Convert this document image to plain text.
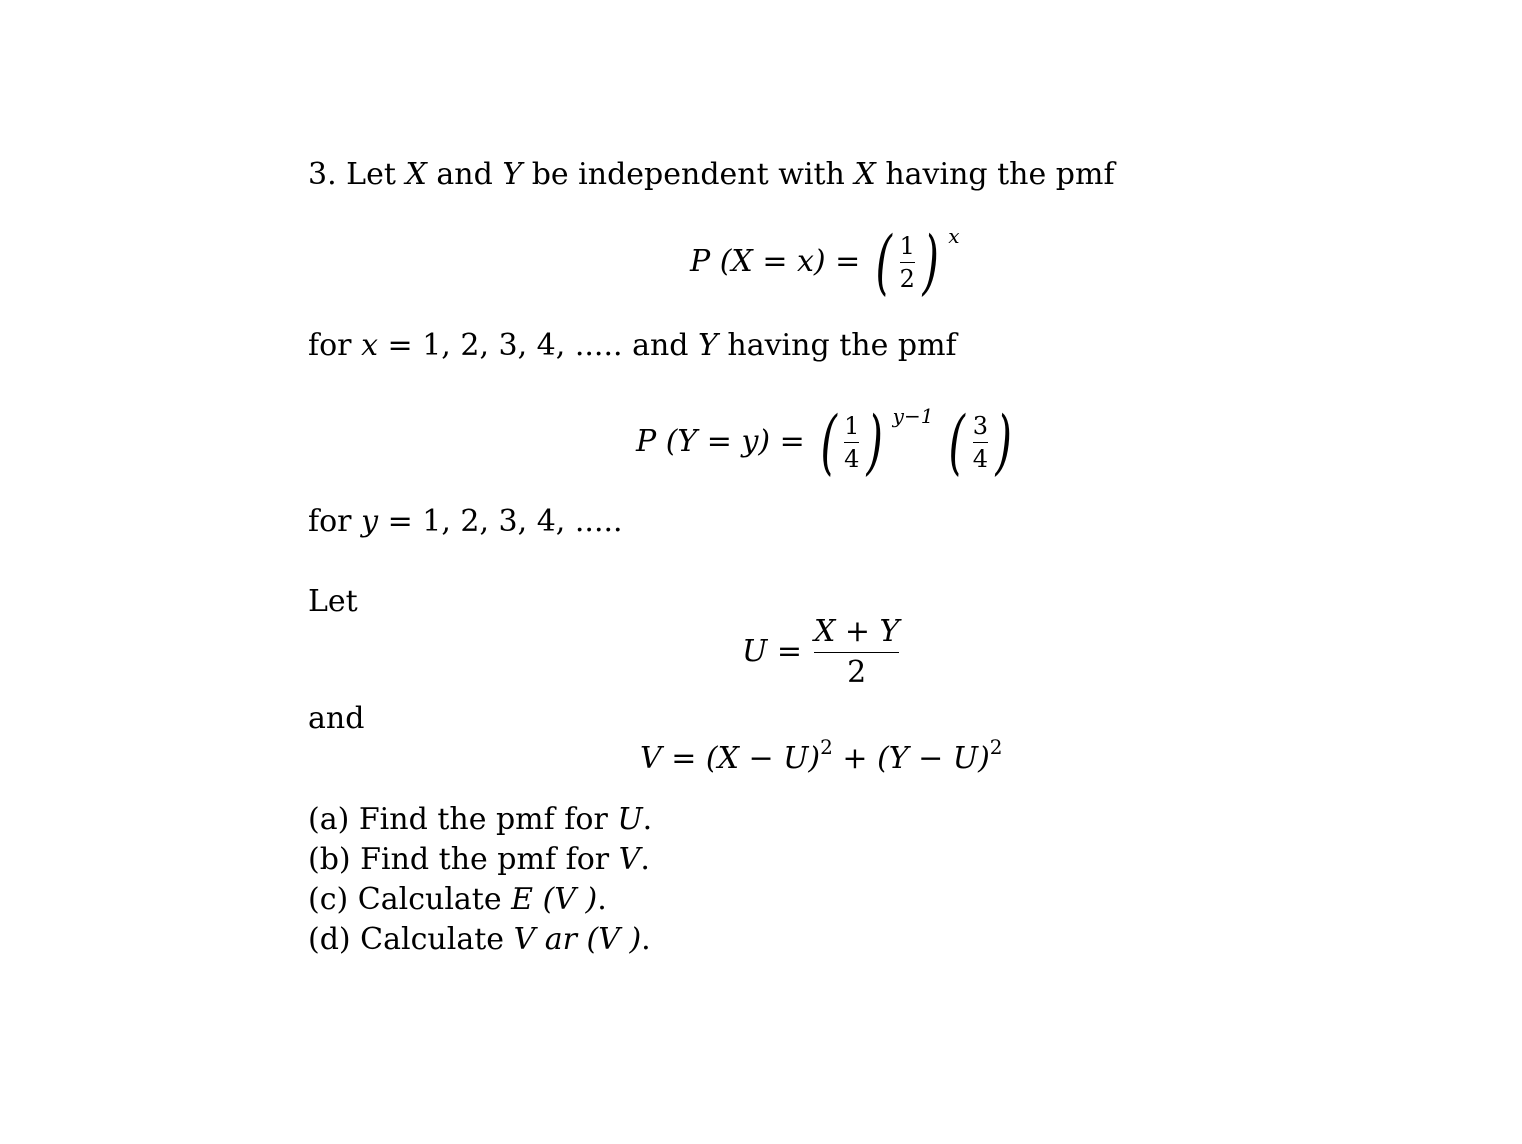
3. Let X and Y be independent with X having the pmf
P (X = x) = ( $\frac{1}{2}$ ) x
for x = 1, 2, 3, 4, ..... and Y having the pmf
P (Y = y) = ( $\frac{1}{4}$ ) y−1 ( $\frac{3}{4}$ )
for y = 1, 2, 3, 4, .....
Let
$U = \frac{X + Y}{2}$
and
$V = (X - U)^2 + (Y - U)^2$
(a) Find the pmf for U.
(b) Find the pmf for V.
(c) Calculate E (V ).
(d) Calculate V ar (V ).
